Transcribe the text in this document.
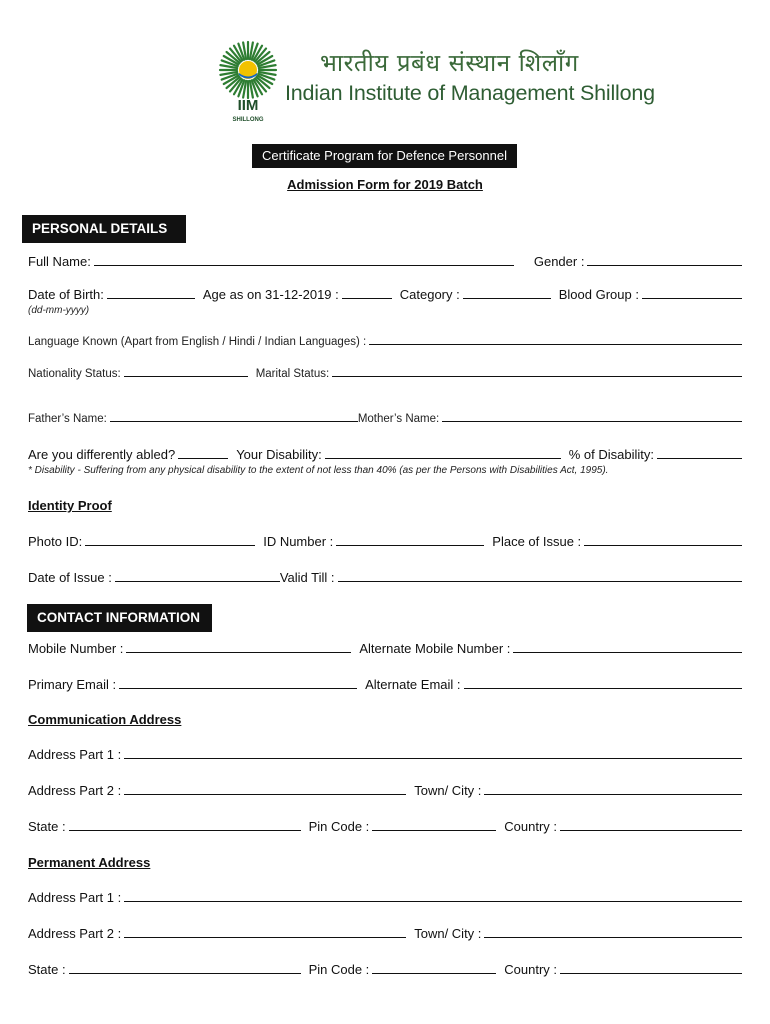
IIM
SHILLONG
भारतीय प्रबंध संस्थान शिलाँग
Indian Institute of Management Shillong
Certificate Program for Defence Personnel
Admission Form for 2019 Batch
PERSONAL DETAILS
Full Name:	Gender :
Date of Birth:	Age as on 31-12-2019 :	Category :	Blood Group :
(dd-mm-yyyy)
Language Known (Apart from English / Hindi / Indian Languages) :
Nationality Status:	Marital Status:
Father’s Name:	Mother’s Name:
Are you differently abled?	Your Disability:	% of Disability:
* Disability - Suffering from any physical disability to the extent of not less than 40% (as per the Persons with Disabilities Act, 1995).
Identity Proof
Photo ID:	ID Number :	Place of Issue :
Date of Issue :	Valid Till :
CONTACT INFORMATION
Mobile Number :	Alternate Mobile Number :
Primary Email :	Alternate Email :
Communication Address
Address Part 1 :
Address Part 2 :	Town/ City :
State :	Pin Code :	Country :
Permanent Address
Address Part 1 :
Address Part 2 :	Town/ City :
State :	Pin Code :	Country :
